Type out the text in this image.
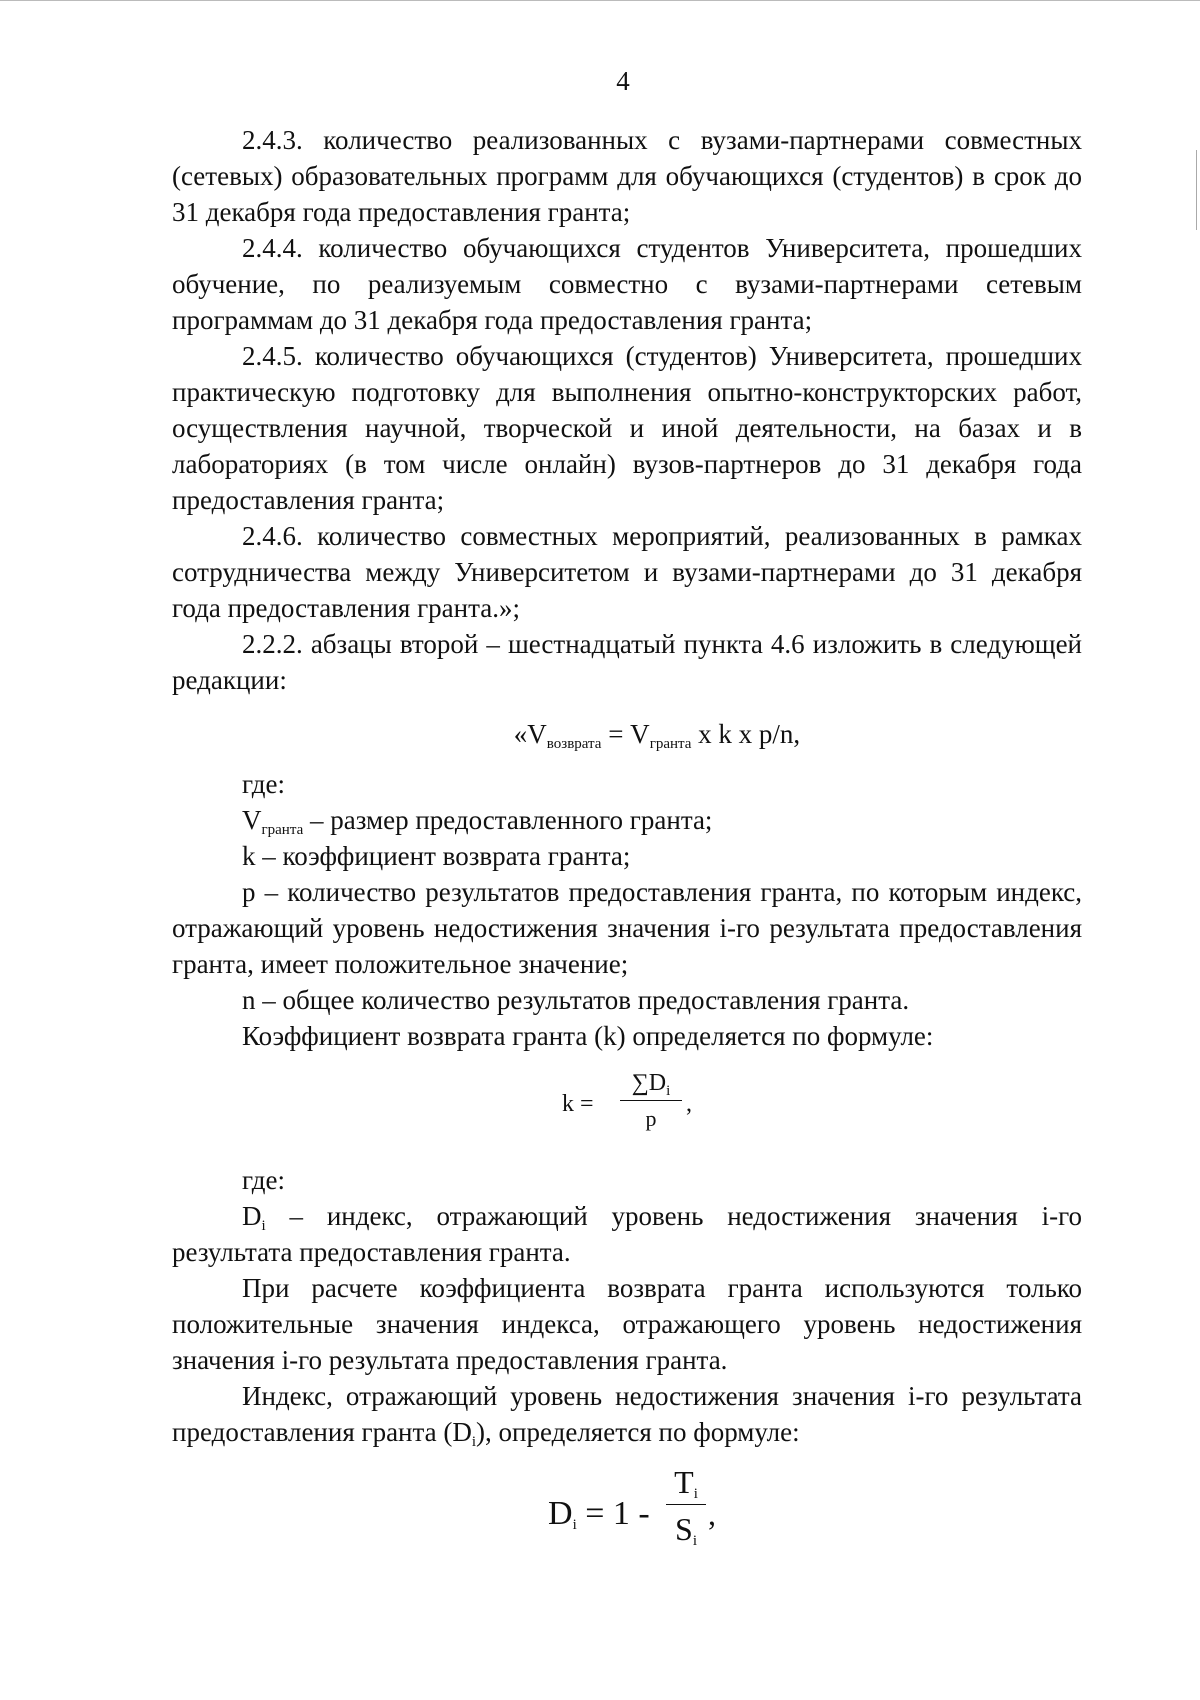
4

2.4.3. количество реализованных с вузами-партнерами совместных (сетевых) образовательных программ для обучающихся (студентов) в срок до 31 декабря года предоставления гранта;

2.4.4. количество обучающихся студентов Университета, прошедших обучение, по реализуемым совместно с вузами-партнерами сетевым программам до 31 декабря года предоставления гранта;

2.4.5. количество обучающихся (студентов) Университета, прошедших практическую подготовку для выполнения опытно-конструкторских работ, осуществления научной, творческой и иной деятельности, на базах и в лабораториях (в том числе онлайн) вузов-партнеров до 31 декабря года предоставления гранта;

2.4.6. количество совместных мероприятий, реализованных в рамках сотрудничества между Университетом и вузами-партнерами до 31 декабря года предоставления гранта.»;

2.2.2. абзацы второй – шестнадцатый пункта 4.6 изложить в следующей редакции:

«$V_{возврата} = V_{гранта}$ x k x p/n,

где:

$V_{гранта}$ – размер предоставленного гранта;

k – коэффициент возврата гранта;

p – количество результатов предоставления гранта, по которым индекс, отражающий уровень недостижения значения i-го результата предоставления гранта, имеет положительное значение;

n – общее количество результатов предоставления гранта.

Коэффициент возврата гранта (k) определяется по формуле:

k =
$\sum D_i$
p
,

где:

$D_i$ – индекс, отражающий уровень недостижения значения i-го результата предоставления гранта.

При расчете коэффициента возврата гранта используются только положительные значения индекса, отражающего уровень недостижения значения i-го результата предоставления гранта.

Индекс, отражающий уровень недостижения значения i-го результата предоставления гранта $(D_i)$, определяется по формуле:

$D_i = 1$ -
$T_i$
$S_i$
,
